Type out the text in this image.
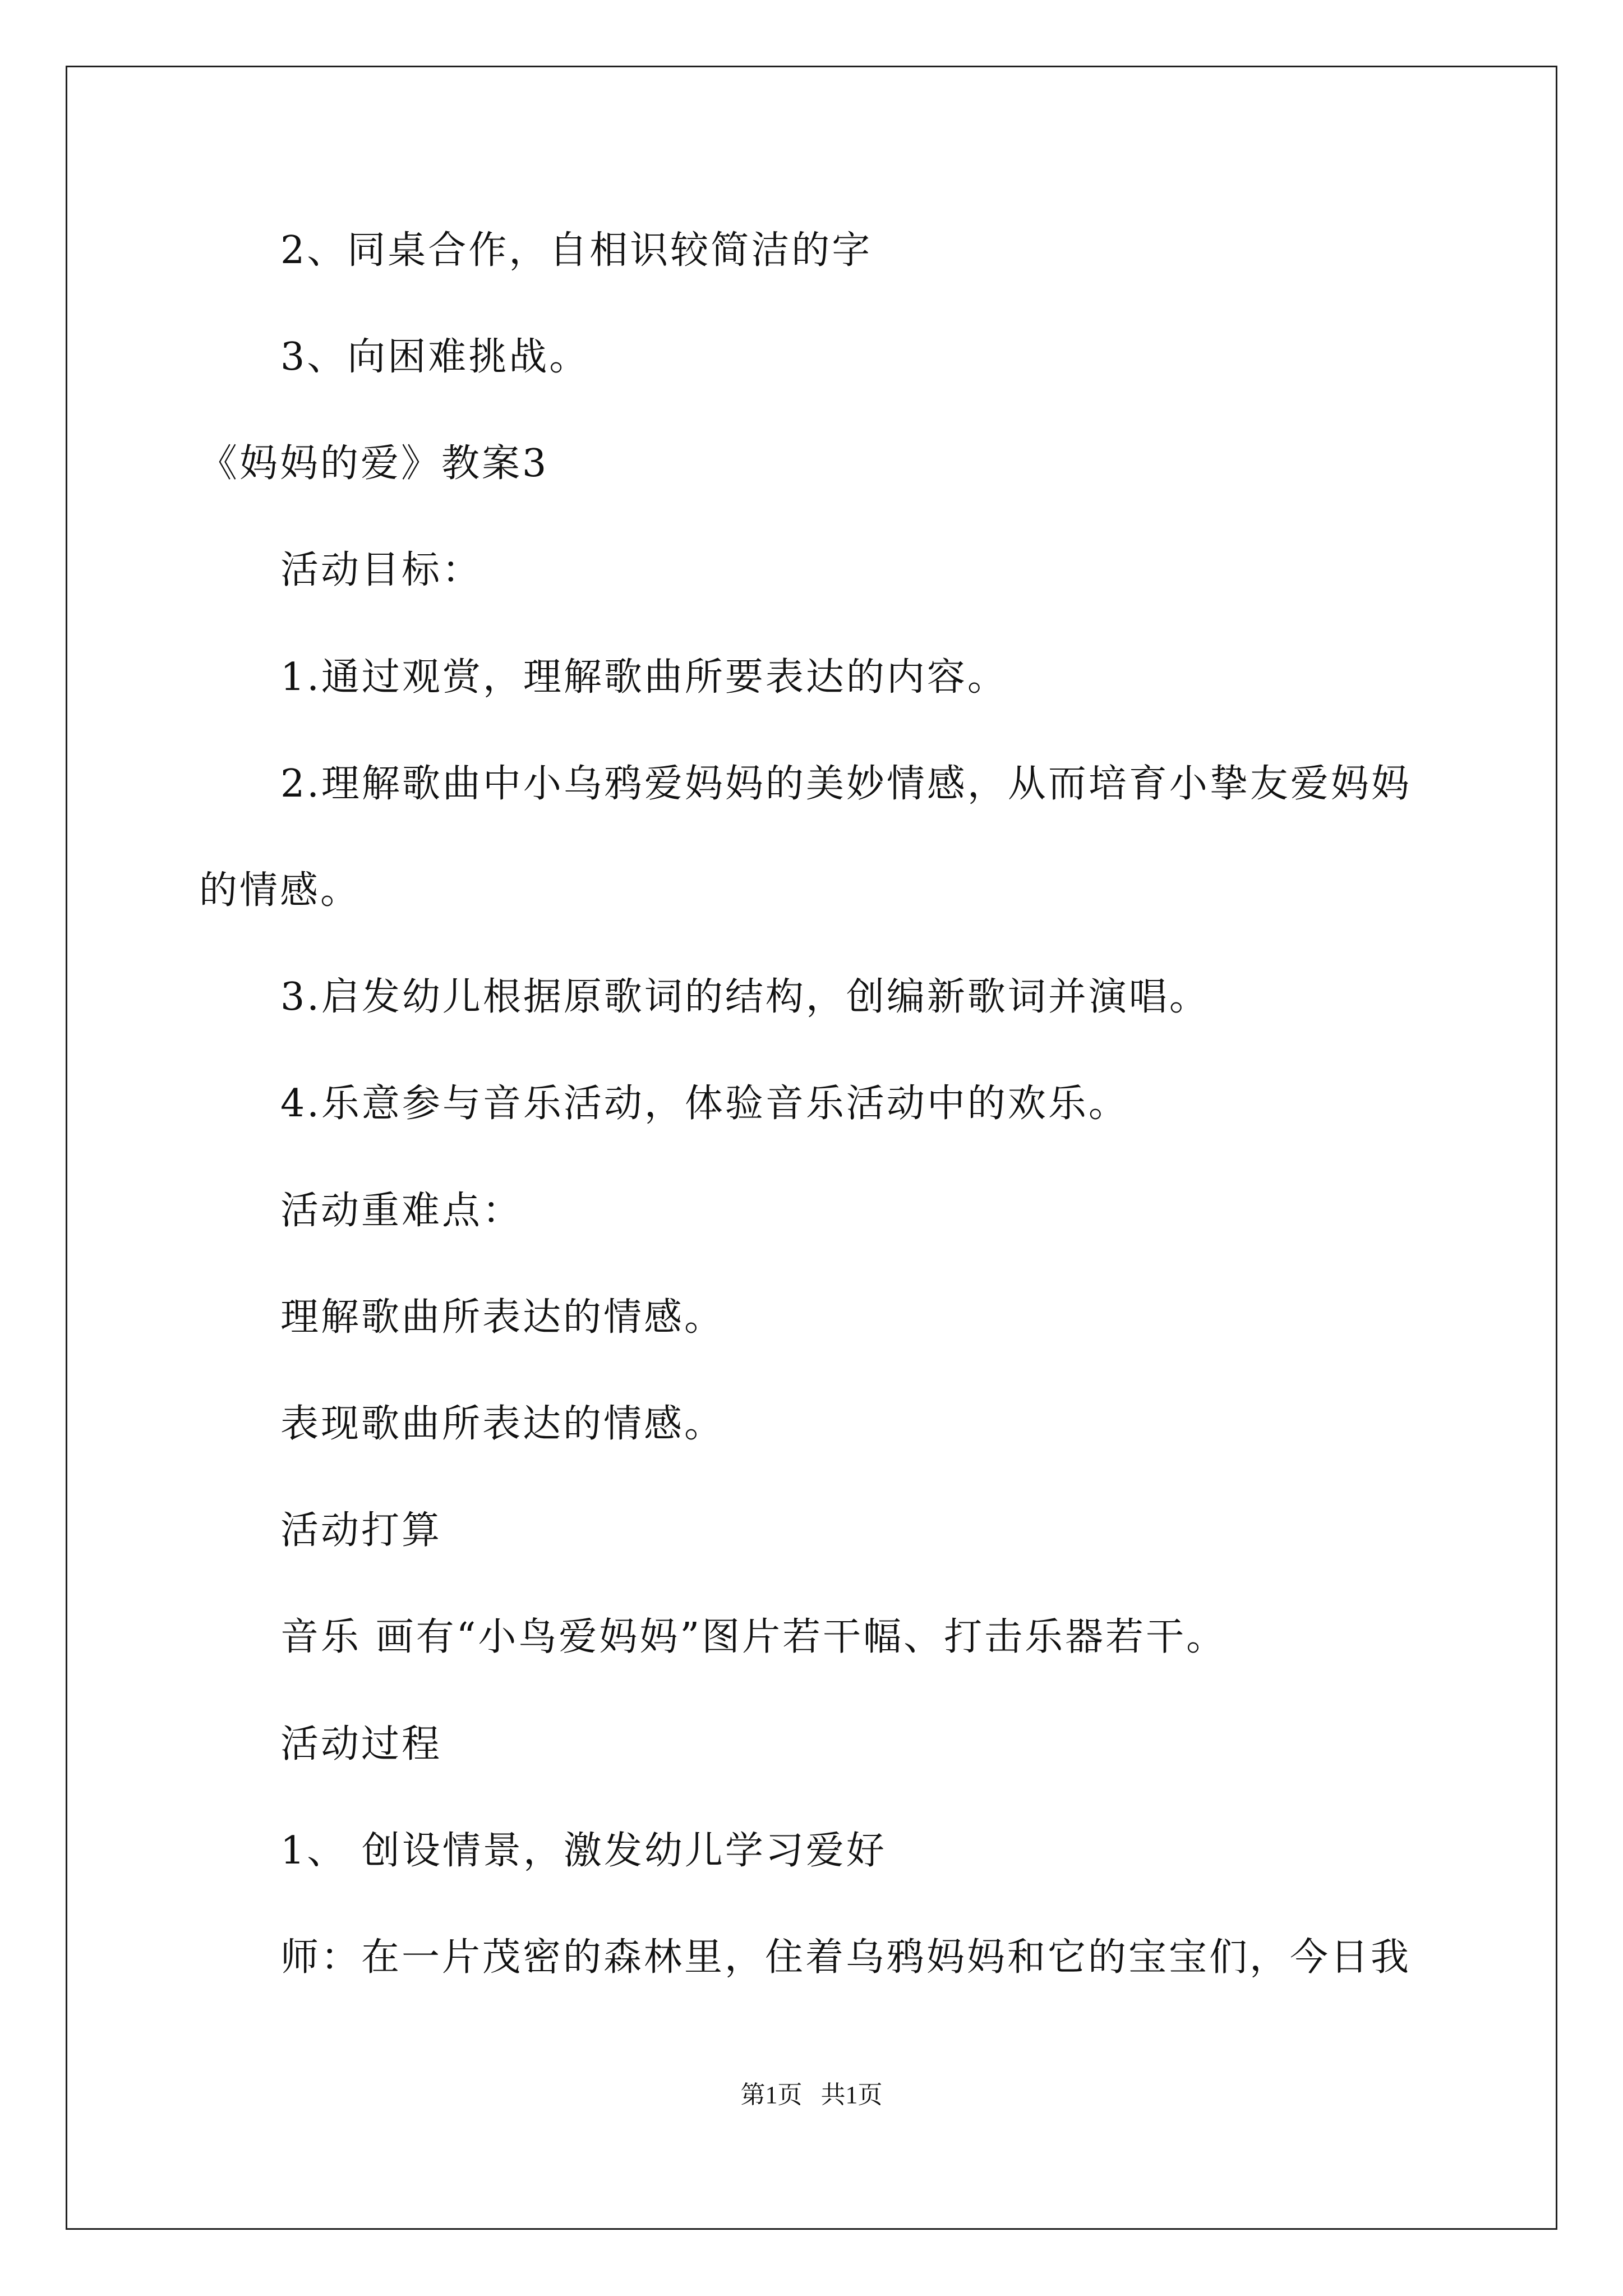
2、同桌合作，自相识较简洁的字
3、向困难挑战。
《妈妈的爱》教案3
活动目标：
1.通过观赏，理解歌曲所要表达的内容。
2.理解歌曲中小乌鸦爱妈妈的美妙情感，从而培育小挚友爱妈妈
的情感。
3.启发幼儿根据原歌词的结构，创编新歌词并演唱。
4.乐意参与音乐活动，体验音乐活动中的欢乐。
活动重难点：
理解歌曲所表达的情感。
表现歌曲所表达的情感。
活动打算
音乐 画有“小鸟爱妈妈”图片若干幅、打击乐器若干。
活动过程
1、 创设情景，激发幼儿学习爱好
师：在一片茂密的森林里，住着乌鸦妈妈和它的宝宝们，今日我
第1页   共1页
